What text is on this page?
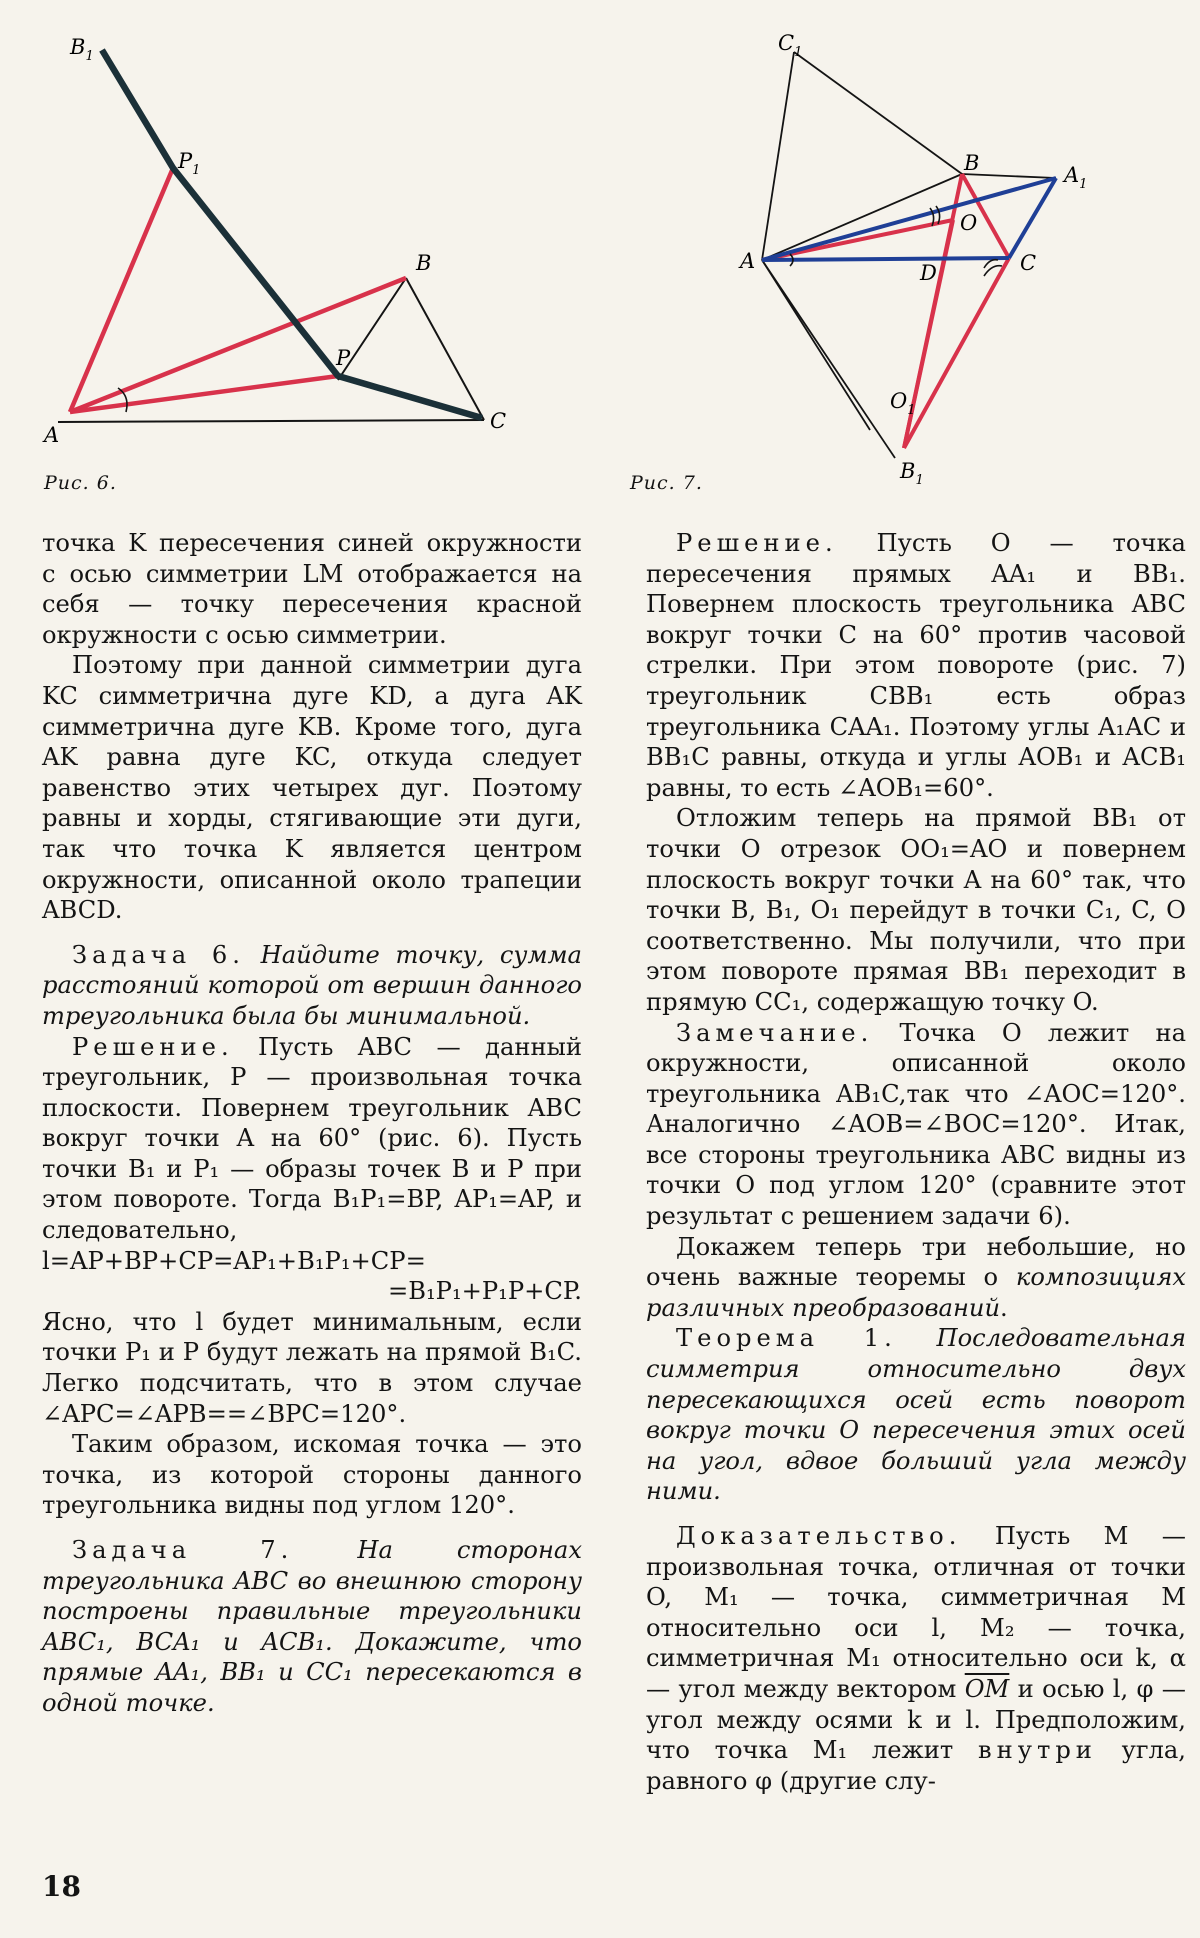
$B_1$
$P_1$
B
P
A
C
Рис. 6.
$C_1$
B	$A_1$
O
A	D	C
$O_1$
$B_1$
Рис. 7.

точка K пересечения синей окружности с осью симметрии LM отображается на себя — точку пересечения красной окружности с осью симметрии.

Поэтому при данной симметрии дуга KC симметрична дуге KD, а дуга AK симметрична дуге KB. Кроме того, дуга AK равна дуге KC, откуда следует равенство этих четырех дуг. Поэтому равны и хорды, стягивающие эти дуги, так что точка K является центром окружности, описанной около трапеции ABCD.

Задача 6. Найдите точку, сумма расстояний которой от вершин данного треугольника была бы минимальной.

Решение. Пусть ABC — данный треугольник, P — произвольная точка плоскости. Повернем треугольник ABC вокруг точки A на 60° (рис. 6). Пусть точки B₁ и P₁ — образы точек B и P при этом повороте. Тогда B₁P₁=BP, AP₁=AP, и следовательно,

l=AP+BP+CP=AP₁+B₁P₁+CP=
=B₁P₁+P₁P+CP.

Ясно, что l будет минимальным, если точки P₁ и P будут лежать на прямой B₁C. Легко подсчитать, что в этом случае ∠APC=∠APB==∠BPC=120°.

Таким образом, искомая точка — это точка, из которой стороны данного треугольника видны под углом 120°.

Задача 7.	На сторонах треугольника ABC во внешнюю сторону построены правильные треугольники ABC₁, BCA₁ и ACB₁. Докажите, что прямые AA₁, BB₁ и CC₁ пересекаются в одной точке.

Решение. Пусть O — точка пересечения прямых AA₁ и BB₁. Повернем плоскость треугольника ABC вокруг точки C на 60° против часовой стрелки. При этом повороте (рис. 7) треугольник CBB₁ есть образ треугольника CAA₁. Поэтому углы A₁AC и BB₁C равны, откуда и углы AOB₁ и ACB₁ равны, то есть ∠AOB₁=60°.

Отложим теперь на прямой BB₁ от точки O отрезок OO₁=AO и повернем плоскость вокруг точки A на 60° так, что точки B, B₁, O₁ перейдут в точки C₁, C, O соответственно. Мы получили, что при этом повороте прямая BB₁ переходит в прямую CC₁, содержащую точку O.

Замечание. Точка O лежит на окружности, описанной около треугольника AB₁C,так что ∠AOC=120°. Аналогично ∠AOB=∠BOC=120°. Итак, все стороны треугольника ABC видны из точки O под углом 120° (сравните этот результат с решением задачи 6).

Докажем теперь три небольшие, но очень важные теоремы о композициях различных преобразований.

Теорема 1. Последовательная симметрия относительно двух пересекающихся осей есть поворот вокруг точки O пересечения этих осей на угол, вдвое больший угла между ними.

Доказательство. Пусть M — произвольная точка, отличная от точки O, M₁ — точка, симметричная M относительно оси l, M₂ — точка, симметричная M₁ относительно оси k, α — угол между вектором $\overline{OM}$ и осью l, φ — угол между осями k и l. Предположим, что точка M₁ лежит внутри угла, равного φ (другие слу-

18
